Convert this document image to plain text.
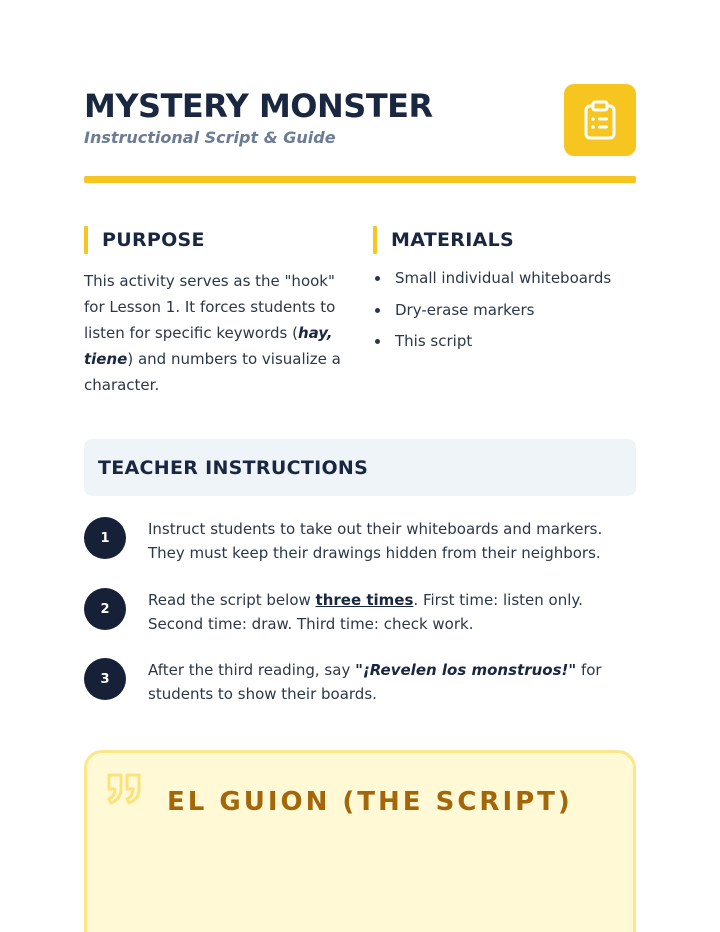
MYSTERY MONSTER
Instructional Script & Guide
PURPOSE

This activity serves as the "hook" for Lesson 1. It forces students to listen for specific keywords (hay, tiene) and numbers to visualize a character.

MATERIALS
Small individual whiteboards
Dry-erase markers
This script
TEACHER INSTRUCTIONS
1	Instruct students to take out their whiteboards and markers. They must keep their drawings hidden from their neighbors.
2	Read the script below three times. First time: listen only. Second time: draw. Third time: check work.
3	After the third reading, say "¡Revelen los monstruos!" for students to show their boards.
EL GUION (THE SCRIPT)
